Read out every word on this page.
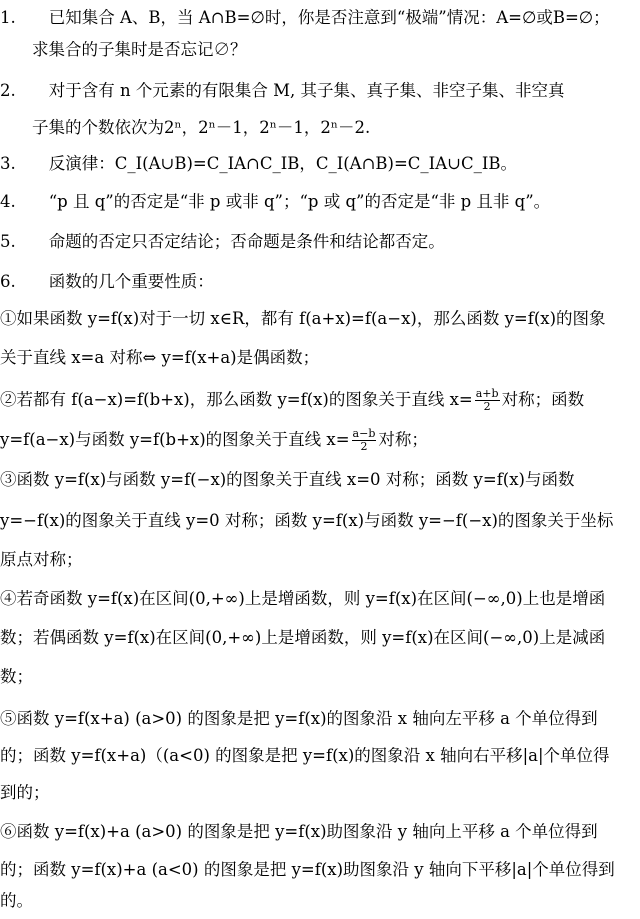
1.　　已知集合 A、B，当 A∩B=∅时，你是否注意到“极端”情况：A=∅或B=∅；
求集合的子集时是否忘记∅？
2.　　对于含有 n 个元素的有限集合 M, 其子集、真子集、非空子集、非空真
子集的个数依次为2ⁿ，2ⁿ－1，2ⁿ－1，2ⁿ－2.
3.　　反演律：C_I(A∪B)=C_IA∩C_IB，C_I(A∩B)=C_IA∪C_IB。
4.　　“p 且 q”的否定是“非 p 或非 q”；“p 或 q”的否定是“非 p 且非 q”。
5.　　命题的否定只否定结论；否命题是条件和结论都否定。
6.　　函数的几个重要性质：
①如果函数 y=f(x)对于一切 x∈R，都有 f(a+x)=f(a−x)，那么函数 y=f(x)的图象
关于直线 x=a 对称⇔ y=f(x+a)是偶函数；
②若都有 f(a−x)=f(b+x)，那么函数 y=f(x)的图象关于直线 $x= \frac{a+b}{2}$ 对称；函数
y=f(a−x)与函数 y=f(b+x)的图象关于直线 $x= \frac{a-b}{2}$ 对称；
③函数 y=f(x)与函数 y=f(−x)的图象关于直线 x=0 对称；函数 y=f(x)与函数
y=−f(x)的图象关于直线 y=0 对称；函数 y=f(x)与函数 y=−f(−x)的图象关于坐标
原点对称；
④若奇函数 y=f(x)在区间(0,+∞)上是增函数，则 y=f(x)在区间(−∞,0)上也是增函
数；若偶函数 y=f(x)在区间(0,+∞)上是增函数，则 y=f(x)在区间(−∞,0)上是减函
数；
⑤函数 y=f(x+a) (a>0) 的图象是把 y=f(x)的图象沿 x 轴向左平移 a 个单位得到
的；函数 y=f(x+a)（(a<0) 的图象是把 y=f(x)的图象沿 x 轴向右平移|a|个单位得
到的；
⑥函数 y=f(x)+a (a>0) 的图象是把 y=f(x)助图象沿 y 轴向上平移 a 个单位得到
的；函数 y=f(x)+a (a<0) 的图象是把 y=f(x)助图象沿 y 轴向下平移|a|个单位得到
的。
